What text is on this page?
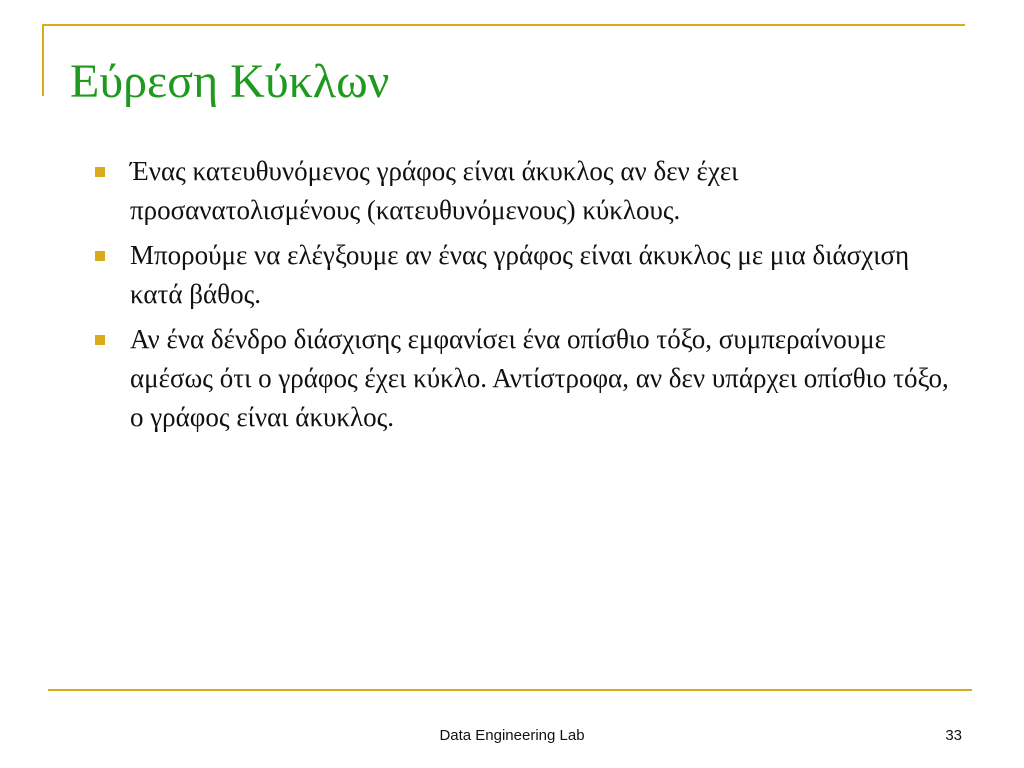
Εύρεση Κύκλων
Ένας κατευθυνόμενος γράφος είναι άκυκλος αν δεν έχει προσανατολισμένους (κατευθυνόμενους) κύκλους.
Μπορούμε να ελέγξουμε αν ένας γράφος είναι άκυκλος με μια διάσχιση κατά βάθος.
Αν ένα δένδρο διάσχισης εμφανίσει ένα οπίσθιο τόξο, συμπεραίνουμε αμέσως ότι ο γράφος έχει κύκλο. Αντίστροφα, αν δεν υπάρχει οπίσθιο τόξο, ο γράφος είναι άκυκλος.
Data Engineering Lab	33
